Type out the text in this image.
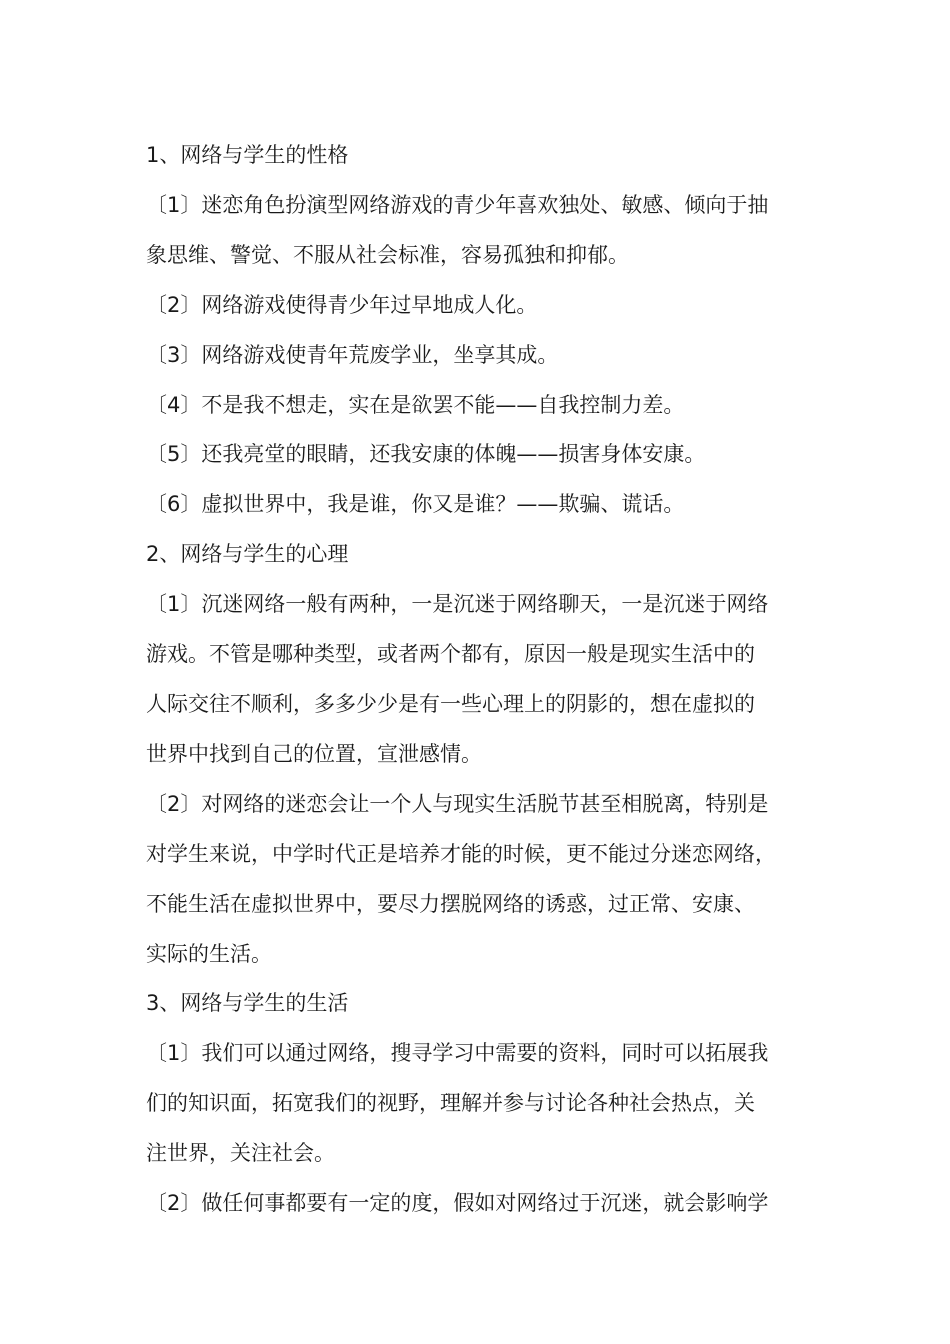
1、网络与学生的性格
〔1〕迷恋角色扮演型网络游戏的青少年喜欢独处、敏感、倾向于抽
象思维、警觉、不服从社会标准，容易孤独和抑郁。
〔2〕网络游戏使得青少年过早地成人化。
〔3〕网络游戏使青年荒废学业，坐享其成。
〔4〕不是我不想走，实在是欲罢不能——自我控制力差。
〔5〕还我亮堂的眼睛，还我安康的体魄——损害身体安康。
〔6〕虚拟世界中，我是谁，你又是谁？——欺骗、谎话。
2、网络与学生的心理
〔1〕沉迷网络一般有两种，一是沉迷于网络聊天，一是沉迷于网络
游戏。不管是哪种类型，或者两个都有，原因一般是现实生活中的
人际交往不顺利，多多少少是有一些心理上的阴影的，想在虚拟的
世界中找到自己的位置，宣泄感情。
〔2〕对网络的迷恋会让一个人与现实生活脱节甚至相脱离，特别是
对学生来说，中学时代正是培养才能的时候，更不能过分迷恋网络，
不能生活在虚拟世界中，要尽力摆脱网络的诱惑，过正常、安康、
实际的生活。
3、网络与学生的生活
〔1〕我们可以通过网络，搜寻学习中需要的资料，同时可以拓展我
们的知识面，拓宽我们的视野，理解并参与讨论各种社会热点，关
注世界，关注社会。
〔2〕做任何事都要有一定的度，假如对网络过于沉迷，就会影响学
